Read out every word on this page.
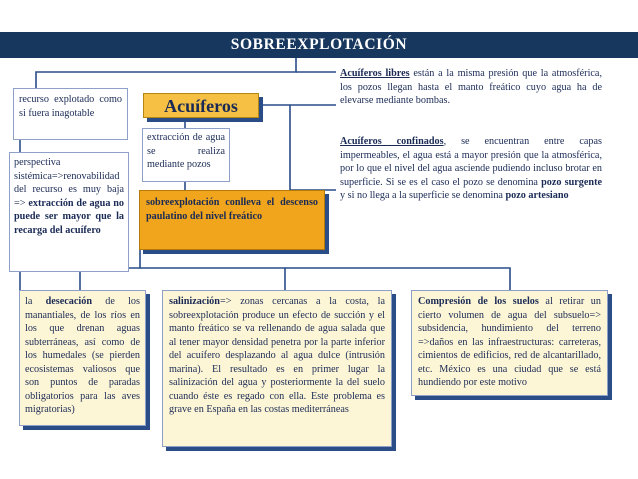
SOBREEXPLOTACIÓN
recurso explotado como si fuera inagotable
perspectiva sistémica=>renovabilidad del recurso es muy baja => extracción de agua no puede ser mayor que la recarga del acuífero
Acuíferos
extracción de agua se realiza mediante pozos
sobreexplotación conlleva el descenso paulatino del nivel freático
Acuíferos libres están a la misma presión que la atmosférica, los pozos llegan hasta el manto freático cuyo agua ha de elevarse mediante bombas.
Acuíferos confinados, se encuentran entre capas impermeables, el agua está a mayor presión que la atmosférica, por lo que el nivel del agua asciende pudiendo incluso brotar en superficie. Si se es el caso el pozo se denomina pozo surgente y si no llega a la superficie se denomina pozo artesiano
la desecación de los manantiales, de los ríos en los que drenan aguas subterráneas, así como de los humedales (se pierden ecosistemas valiosos que son puntos de paradas obligatorios para las aves migratorias)
salinización=> zonas cercanas a la costa, la sobreexplotación produce un efecto de succión y el manto freático se va rellenando de agua salada que al tener mayor densidad penetra por la parte inferior del acuífero desplazando al agua dulce (intrusión marina). El resultado es en primer lugar la salinización del agua y posteriormente la del suelo cuando éste es regado con ella. Este problema es grave en España en las costas mediterráneas
Compresión de los suelos al retirar un cierto volumen de agua del subsuelo=> subsidencia, hundimiento del terreno =>daños en las infraestructuras: carreteras, cimientos de edificios, red de alcantarillado, etc. México es una ciudad que se está hundiendo por este motivo
